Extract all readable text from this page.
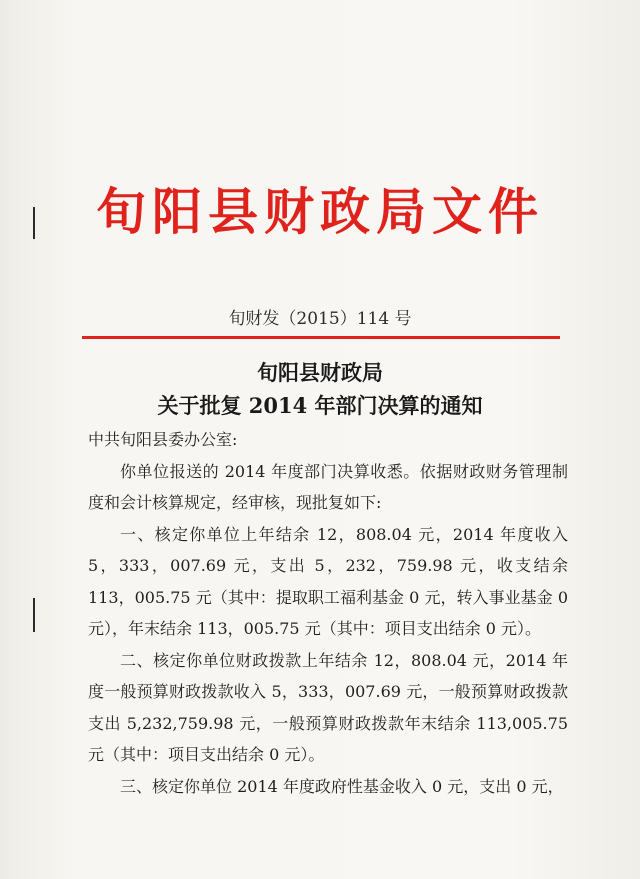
旬阳县财政局文件
旬财发（2015）114 号
旬阳县财政局
关于批复 2014 年部门决算的通知

中共旬阳县委办公室:

你单位报送的 2014 年度部门决算收悉。依据财政财务管理制度和会计核算规定，经审核，现批复如下:

一、核定你单位上年结余 12，808.04 元，2014 年度收入 5，333，007.69 元，支出 5，232，759.98 元，收支结余 113，005.75 元（其中：提取职工福利基金 0 元，转入事业基金 0 元），年末结余 113，005.75 元（其中：项目支出结余 0 元）。

二、核定你单位财政拨款上年结余 12，808.04 元，2014 年度一般预算财政拨款收入 5，333，007.69 元，一般预算财政拨款支出 5,232,759.98 元，一般预算财政拨款年末结余 113,005.75 元（其中：项目支出结余 0 元）。

三、核定你单位 2014 年度政府性基金收入 0 元，支出 0 元，
